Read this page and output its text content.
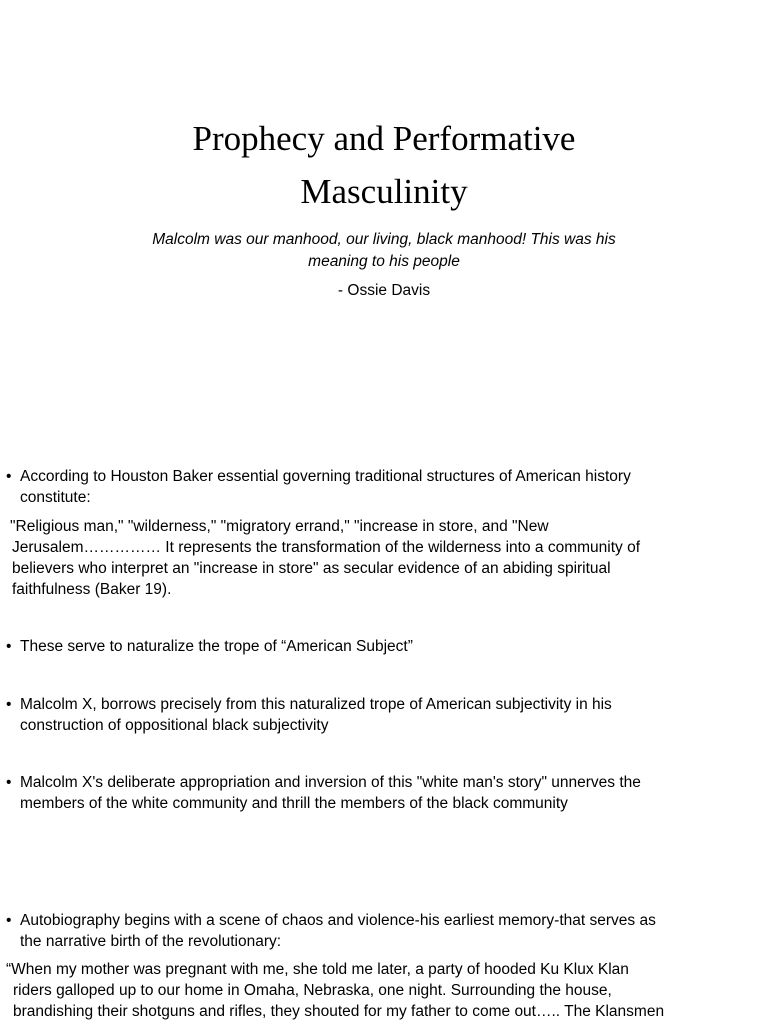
Prophecy and Performative
Masculinity

Malcolm was our manhood, our living, black manhood! This was his
meaning to his people

- Ossie Davis

• According to Houston Baker essential governing traditional structures of American history
constitute:
"Religious man," "wilderness," "migratory errand," "increase in store, and "New
Jerusalem…………… It represents the transformation of the wilderness into a community of
believers who interpret an "increase in store" as secular evidence of an abiding spiritual
faithfulness (Baker 19).
• These serve to naturalize the trope of “American Subject”
• Malcolm X, borrows precisely from this naturalized trope of American subjectivity in his
construction of oppositional black subjectivity
• Malcolm X's deliberate appropriation and inversion of this "white man's story" unnerves the
members of the white community and thrill the members of the black community
• Autobiography begins with a scene of chaos and violence-his earliest memory-that serves as
the narrative birth of the revolutionary:
“When my mother was pregnant with me, she told me later, a party of hooded Ku Klux Klan
riders galloped up to our home in Omaha, Nebraska, one night. Surrounding the house,
brandishing their shotguns and rifles, they shouted for my father to come out….. The Klansmen
